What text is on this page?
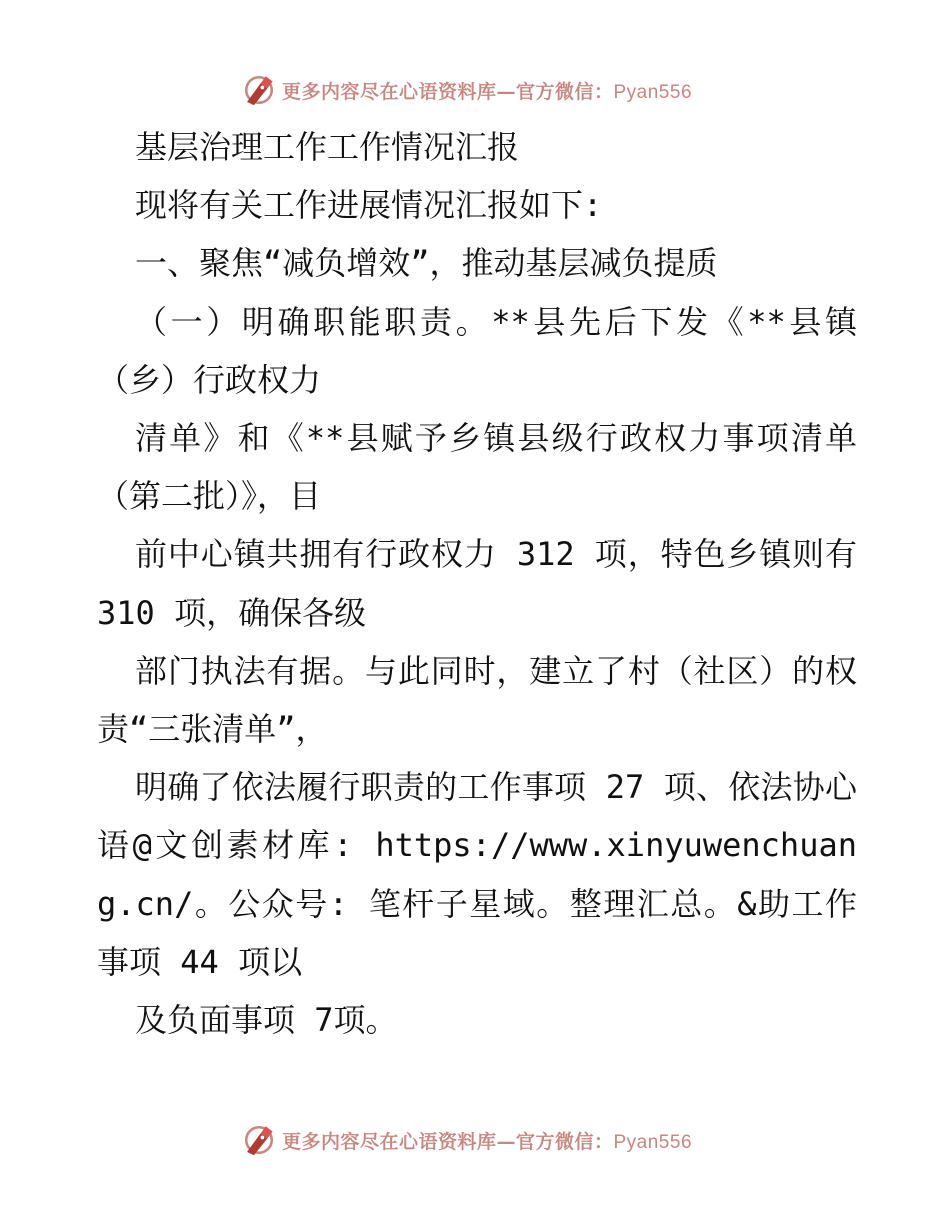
更多内容尽在心语资料库—官方微信：Pyan556

基层治理工作工作情况汇报

现将有关工作进展情况汇报如下:

一、聚焦“减负增效”，推动基层减负提质

（一）明确职能职责。**县先后下发《**县镇（乡）行政权力

清单》和《**县赋予乡镇县级行政权力事项清单（第二批）》，目

前中心镇共拥有行政权力 312 项，特色乡镇则有 310 项，确保各级

部门执法有据。与此同时，建立了村（社区）的权责“三张清单”，

明确了依法履行职责的工作事项 27 项、依法协心语@文创素材库: https://www.xinyuwenchuang.cn/。公众号: 笔杆子星域。整理汇总。&助工作事项 44 项以

及负面事项 7项。

更多内容尽在心语资料库—官方微信：Pyan556
